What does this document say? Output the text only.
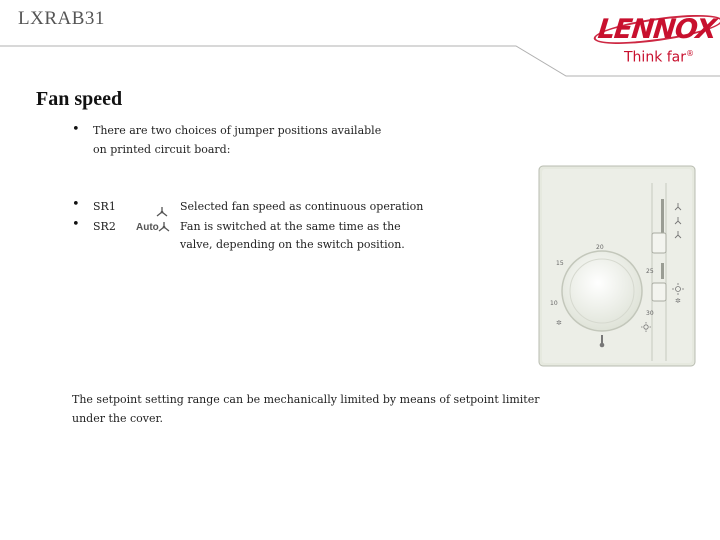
LXRAB31	LENNOX
Think far®
Fan speed
• There are two choices of jumper positions available
on printed circuit board:
• SR1
• SR2 Auto
Selected fan speed as continuous operation
Fan is switched at the same time as the
valve, depending on the switch position.
The setpoint setting range can be mechanically limited by means of setpoint limiter
under the cover.
✲
20
15
25
10
30
✲
